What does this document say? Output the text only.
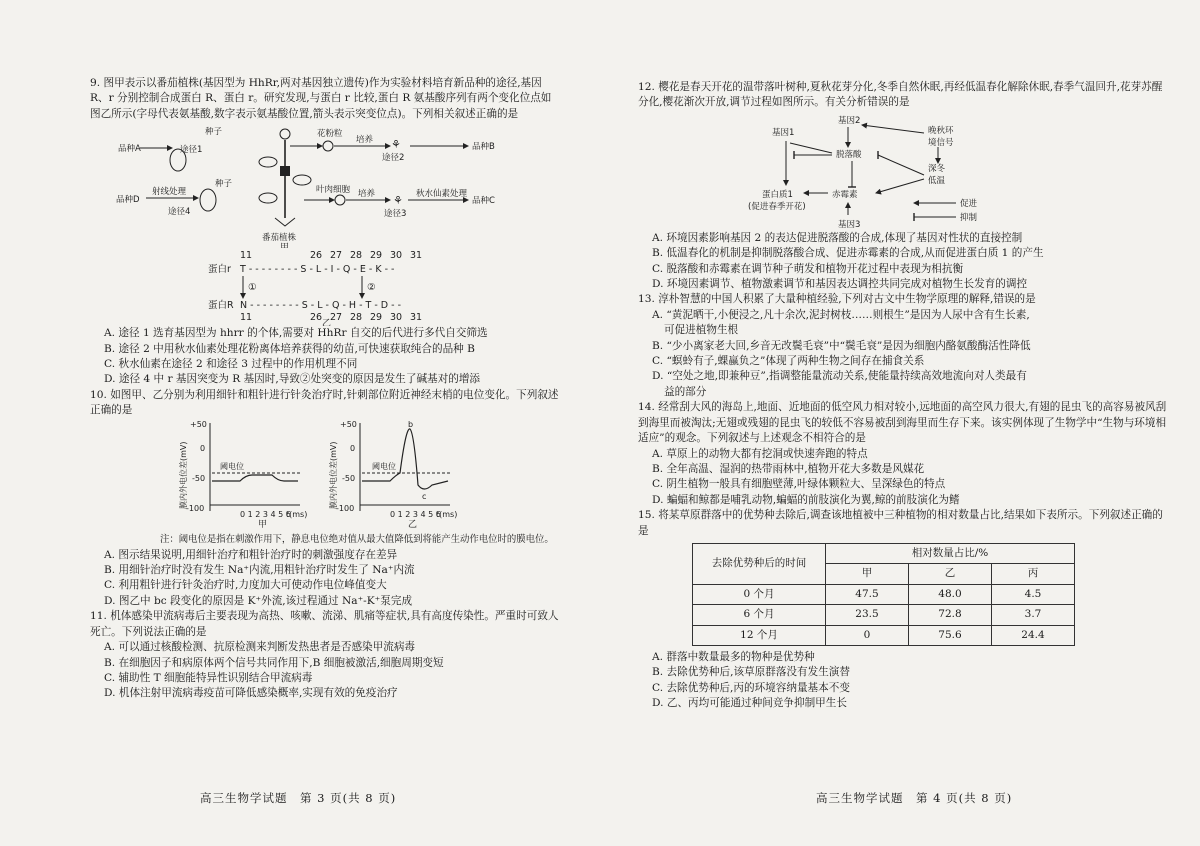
9. 图甲表示以番茄植株(基因型为 HhRr,两对基因独立遗传)作为实验材料培育新品种的途径,基因 R、r 分别控制合成蛋白 R、蛋白 r。研究发现,与蛋白 r 比较,蛋白 R 氨基酸序列有两个变化位点如图乙所示(字母代表氨基酸,数字表示氨基酸位置,箭头表示突变位点)。下列相关叙述正确的是

种子
品种A	途径1
花粉粒
培养 ⚘
途径2
品种B
番茄植株
种子
射线处理
品种D
途径4
叶肉细胞 培养 ⚘
途径3
秋水仙素处理
品种C
甲
11	26 27 28 29 30 31
蛋白r T - - - - - - - - S - L - I - Q - E - K - -
①	②
蛋白R N - - - - - - - - S - L - Q - H - T - D - -
11	26 27 28 29 30 31
乙

A. 途径 1 选育基因型为 hhrr 的个体,需要对 HhRr 自交的后代进行多代自交筛选

B. 途径 2 中用秋水仙素处理花粉离体培养获得的幼苗,可快速获取纯合的品种 B

C. 秋水仙素在途径 2 和途径 3 过程中的作用机理不同

D. 途径 4 中 r 基因突变为 R 基因时,导致②处突变的原因是发生了碱基对的增添

10. 如图甲、乙分别为利用细针和粗针进行针灸治疗时,针刺部位附近神经末梢的电位变化。下列叙述正确的是

膜内外电位差(mV)
+50
0
-50
-100
阈电位
0 1 2 3 4 5 6
t(ms)
甲
膜内外电位差(mV)
+50
0
-50
-100
阈电位
b
c
0 1 2 3 4 5 6
t(ms)
乙

注：阈电位是指在刺激作用下，静息电位绝对值从最大值降低到将能产生动作电位时的膜电位。

A. 图示结果说明,用细针治疗和粗针治疗时的刺激强度存在差异

B. 用细针治疗时没有发生 Na⁺内流,用粗针治疗时发生了 Na⁺内流

C. 利用粗针进行针灸治疗时,力度加大可使动作电位峰值变大

D. 图乙中 bc 段变化的原因是 K⁺外流,该过程通过 Na⁺-K⁺泵完成

11. 机体感染甲流病毒后主要表现为高热、咳嗽、流涕、肌痛等症状,具有高度传染性。严重时可致人死亡。下列说法正确的是

A. 可以通过核酸检测、抗原检测来判断发热患者是否感染甲流病毒

B. 在细胞因子和病原体两个信号共同作用下,B 细胞被激活,细胞周期变短

C. 辅助性 T 细胞能特异性识别结合甲流病毒

D. 机体注射甲流病毒疫苗可降低感染概率,实现有效的免疫治疗

高三生物学试题　第 3 页(共 8 页)

12. 樱花是春天开花的温带落叶树种,夏秋花芽分化,冬季自然休眠,再经低温春化解除休眠,春季气温回升,花芽苏醒分化,樱花渐次开放,调节过程如图所示。有关分析错误的是

基因2
基因1
脱落酸
赤霉素
基因3
蛋白质1
(促进春季开花)
晚秋环
境信号
深冬
低温
促进
抑制

A. 环境因素影响基因 2 的表达促进脱落酸的合成,体现了基因对性状的直接控制

B. 低温春化的机制是抑制脱落酸合成、促进赤霉素的合成,从而促进蛋白质 1 的产生

C. 脱落酸和赤霉素在调节种子萌发和植物开花过程中表现为相抗衡

D. 环境因素调节、植物激素调节和基因表达调控共同完成对植物生长发育的调控

13. 淳朴智慧的中国人积累了大量种植经验,下列对古文中生物学原理的解释,错误的是

A. “黄泥晒干,小便浸之,凡十余次,泥封树枝……则根生”是因为人尿中含有生长素,

可促进植物生根

B. “少小离家老大回,乡音无改鬓毛衰”中“鬓毛衰”是因为细胞内酪氨酸酶活性降低

C. “螟蛉有子,蜾蠃负之”体现了两种生物之间存在捕食关系

D. “空处之地,即兼种豆”,指调整能量流动关系,使能量持续高效地流向对人类最有

益的部分

14. 经常刮大风的海岛上,地面、近地面的低空风力相对较小,远地面的高空风力很大,有翅的昆虫飞的高容易被风刮到海里而被淘汰;无翅或残翅的昆虫飞的较低不容易被刮到海里而生存下来。该实例体现了生物学中“生物与环境相适应”的观念。下列叙述与上述观念不相符合的是

A. 草原上的动物大都有挖洞或快速奔跑的特点

B. 全年高温、湿润的热带雨林中,植物开花大多数是风媒花

C. 阴生植物一般具有细胞壁薄,叶绿体颗粒大、呈深绿色的特点

D. 蝙蝠和鲸都是哺乳动物,蝙蝠的前肢演化为翼,鲸的前肢演化为鳍

15. 将某草原群落中的优势种去除后,调查该地植被中三种植物的相对数量占比,结果如下表所示。下列叙述正确的是

去除优势种后的时间	相对数量占比/%		
	甲	乙	丙
0 个月	47.5	48.0	4.5
6 个月	23.5	72.8	3.7
12 个月	0	75.6	24.4

A. 群落中数量最多的物种是优势种

B. 去除优势种后,该草原群落没有发生演替

C. 去除优势种后,丙的环境容纳量基本不变

D. 乙、丙均可能通过种间竞争抑制甲生长

高三生物学试题　第 4 页(共 8 页)
